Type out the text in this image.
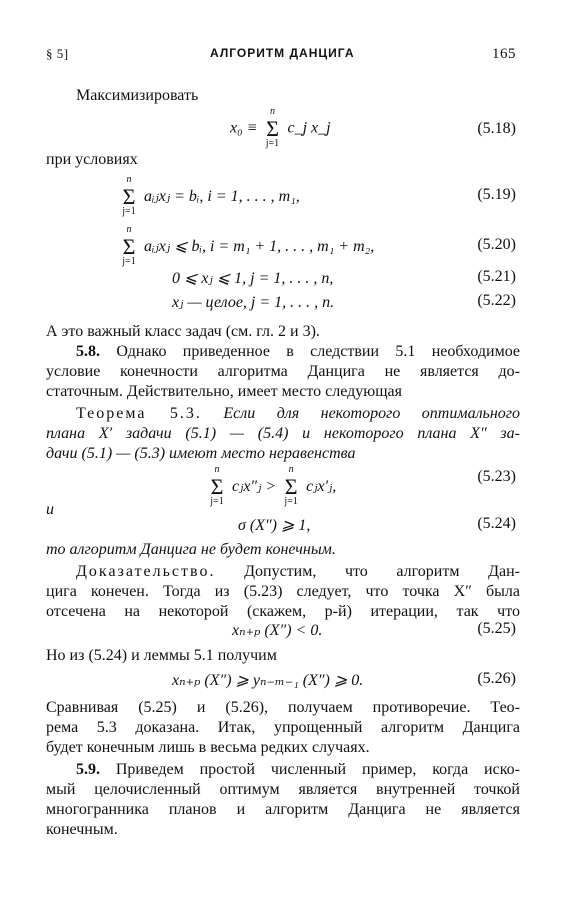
§ 5]	АЛГОРИТМ ДАНЦИГА	165
Максимизировать
x₀ ≡
n
Σ
j=1
c_j x_j	(5.18)
при условиях
n
Σ
j=1
aᵢⱼxⱼ = bᵢ, i = 1, . . . , m₁,	(5.19)
n
Σ
j=1
aᵢⱼxⱼ ⩽ bᵢ, i = m₁ + 1, . . . , m₁ + m₂,	(5.20)
0 ⩽ xⱼ ⩽ 1, j = 1, . . . , n,	(5.21)
xⱼ — целое, j = 1, . . . , n.	(5.22)
А это важный класс задач (см. гл. 2 и 3).
5.8. Однако приведенное в следствии 5.1 необходимое
условие конечности алгоритма Данцига не является до-
статочным. Действительно, имеет место следующая
Теорема 5.3. Если для некоторого оптимального
плана X′ задачи (5.1) — (5.4) и некоторого плана X″ за-
дачи (5.1) — (5.3) имеют место неравенства
n
Σ
j=1
cⱼx″ⱼ >
n
Σ
j=1
cⱼx′ⱼ,
(5.23)
и
σ (X″) ⩾ 1,	(5.24)
то алгоритм Данцига не будет конечным.
Доказательство. Допустим, что алгоритм Дан-
цига конечен. Тогда из (5.23) следует, что точка X″ была
отсечена на некоторой (скажем, p-й) итерации, так что
xₙ₊ₚ (X″) < 0.	(5.25)
Но из (5.24) и леммы 5.1 получим
xₙ₊ₚ (X″) ⩾ yₙ₋ₘ₋₁ (X″) ⩾ 0.	(5.26)
Сравнивая (5.25) и (5.26), получаем противоречие. Тео-
рема 5.3 доказана. Итак, упрощенный алгоритм Данцига
будет конечным лишь в весьма редких случаях.
5.9. Приведем простой численный пример, когда иско-
мый целочисленный оптимум является внутренней точкой
многогранника планов и алгоритм Данцига не является
конечным.
